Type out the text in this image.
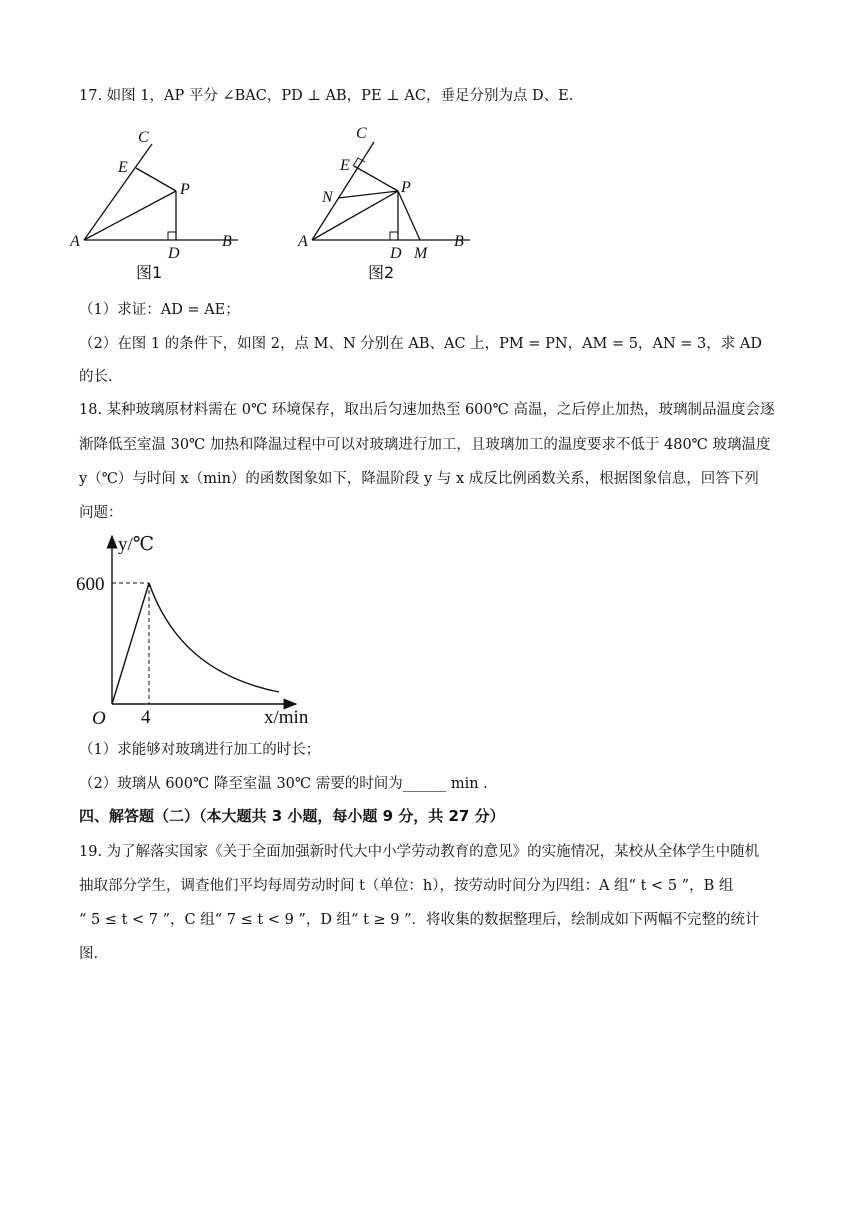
17. 如图 1，AP 平分 ∠BAC，PD ⊥ AB，PE ⊥ AC，垂足分别为点 D、E.
C
E
P
A
D
B
图1
C
E
N
P
A
D M
B
图2
（1）求证：AD = AE；
（2）在图 1 的条件下，如图 2，点 M、N 分别在 AB、AC 上，PM = PN，AM = 5，AN = 3，求 AD
的长.
18. 某种玻璃原材料需在 0℃ 环境保存，取出后匀速加热至 600℃ 高温，之后停止加热，玻璃制品温度会逐
渐降低至室温 30℃ 加热和降温过程中可以对玻璃进行加工，且玻璃加工的温度要求不低于 480℃ 玻璃温度
y（℃）与时间 x（min）的函数图象如下，降温阶段 y 与 x 成反比例函数关系，根据图象信息，回答下列
问题：
y/℃
600
O 4	x/min
（1）求能够对玻璃进行加工的时长；
（2）玻璃从 600℃ 降至室温 30℃ 需要的时间为______ min .
四、解答题（二）（本大题共 3 小题，每小题 9 分，共 27 分）
19. 为了解落实国家《关于全面加强新时代大中小学劳动教育的意见》的实施情况，某校从全体学生中随机
抽取部分学生，调查他们平均每周劳动时间 t（单位：h），按劳动时间分为四组：A 组“ t < 5 ”，B 组
“ 5 ≤ t < 7 ”，C 组“ 7 ≤ t < 9 ”，D 组“ t ≥ 9 ”．将收集的数据整理后，绘制成如下两幅不完整的统计
图.
